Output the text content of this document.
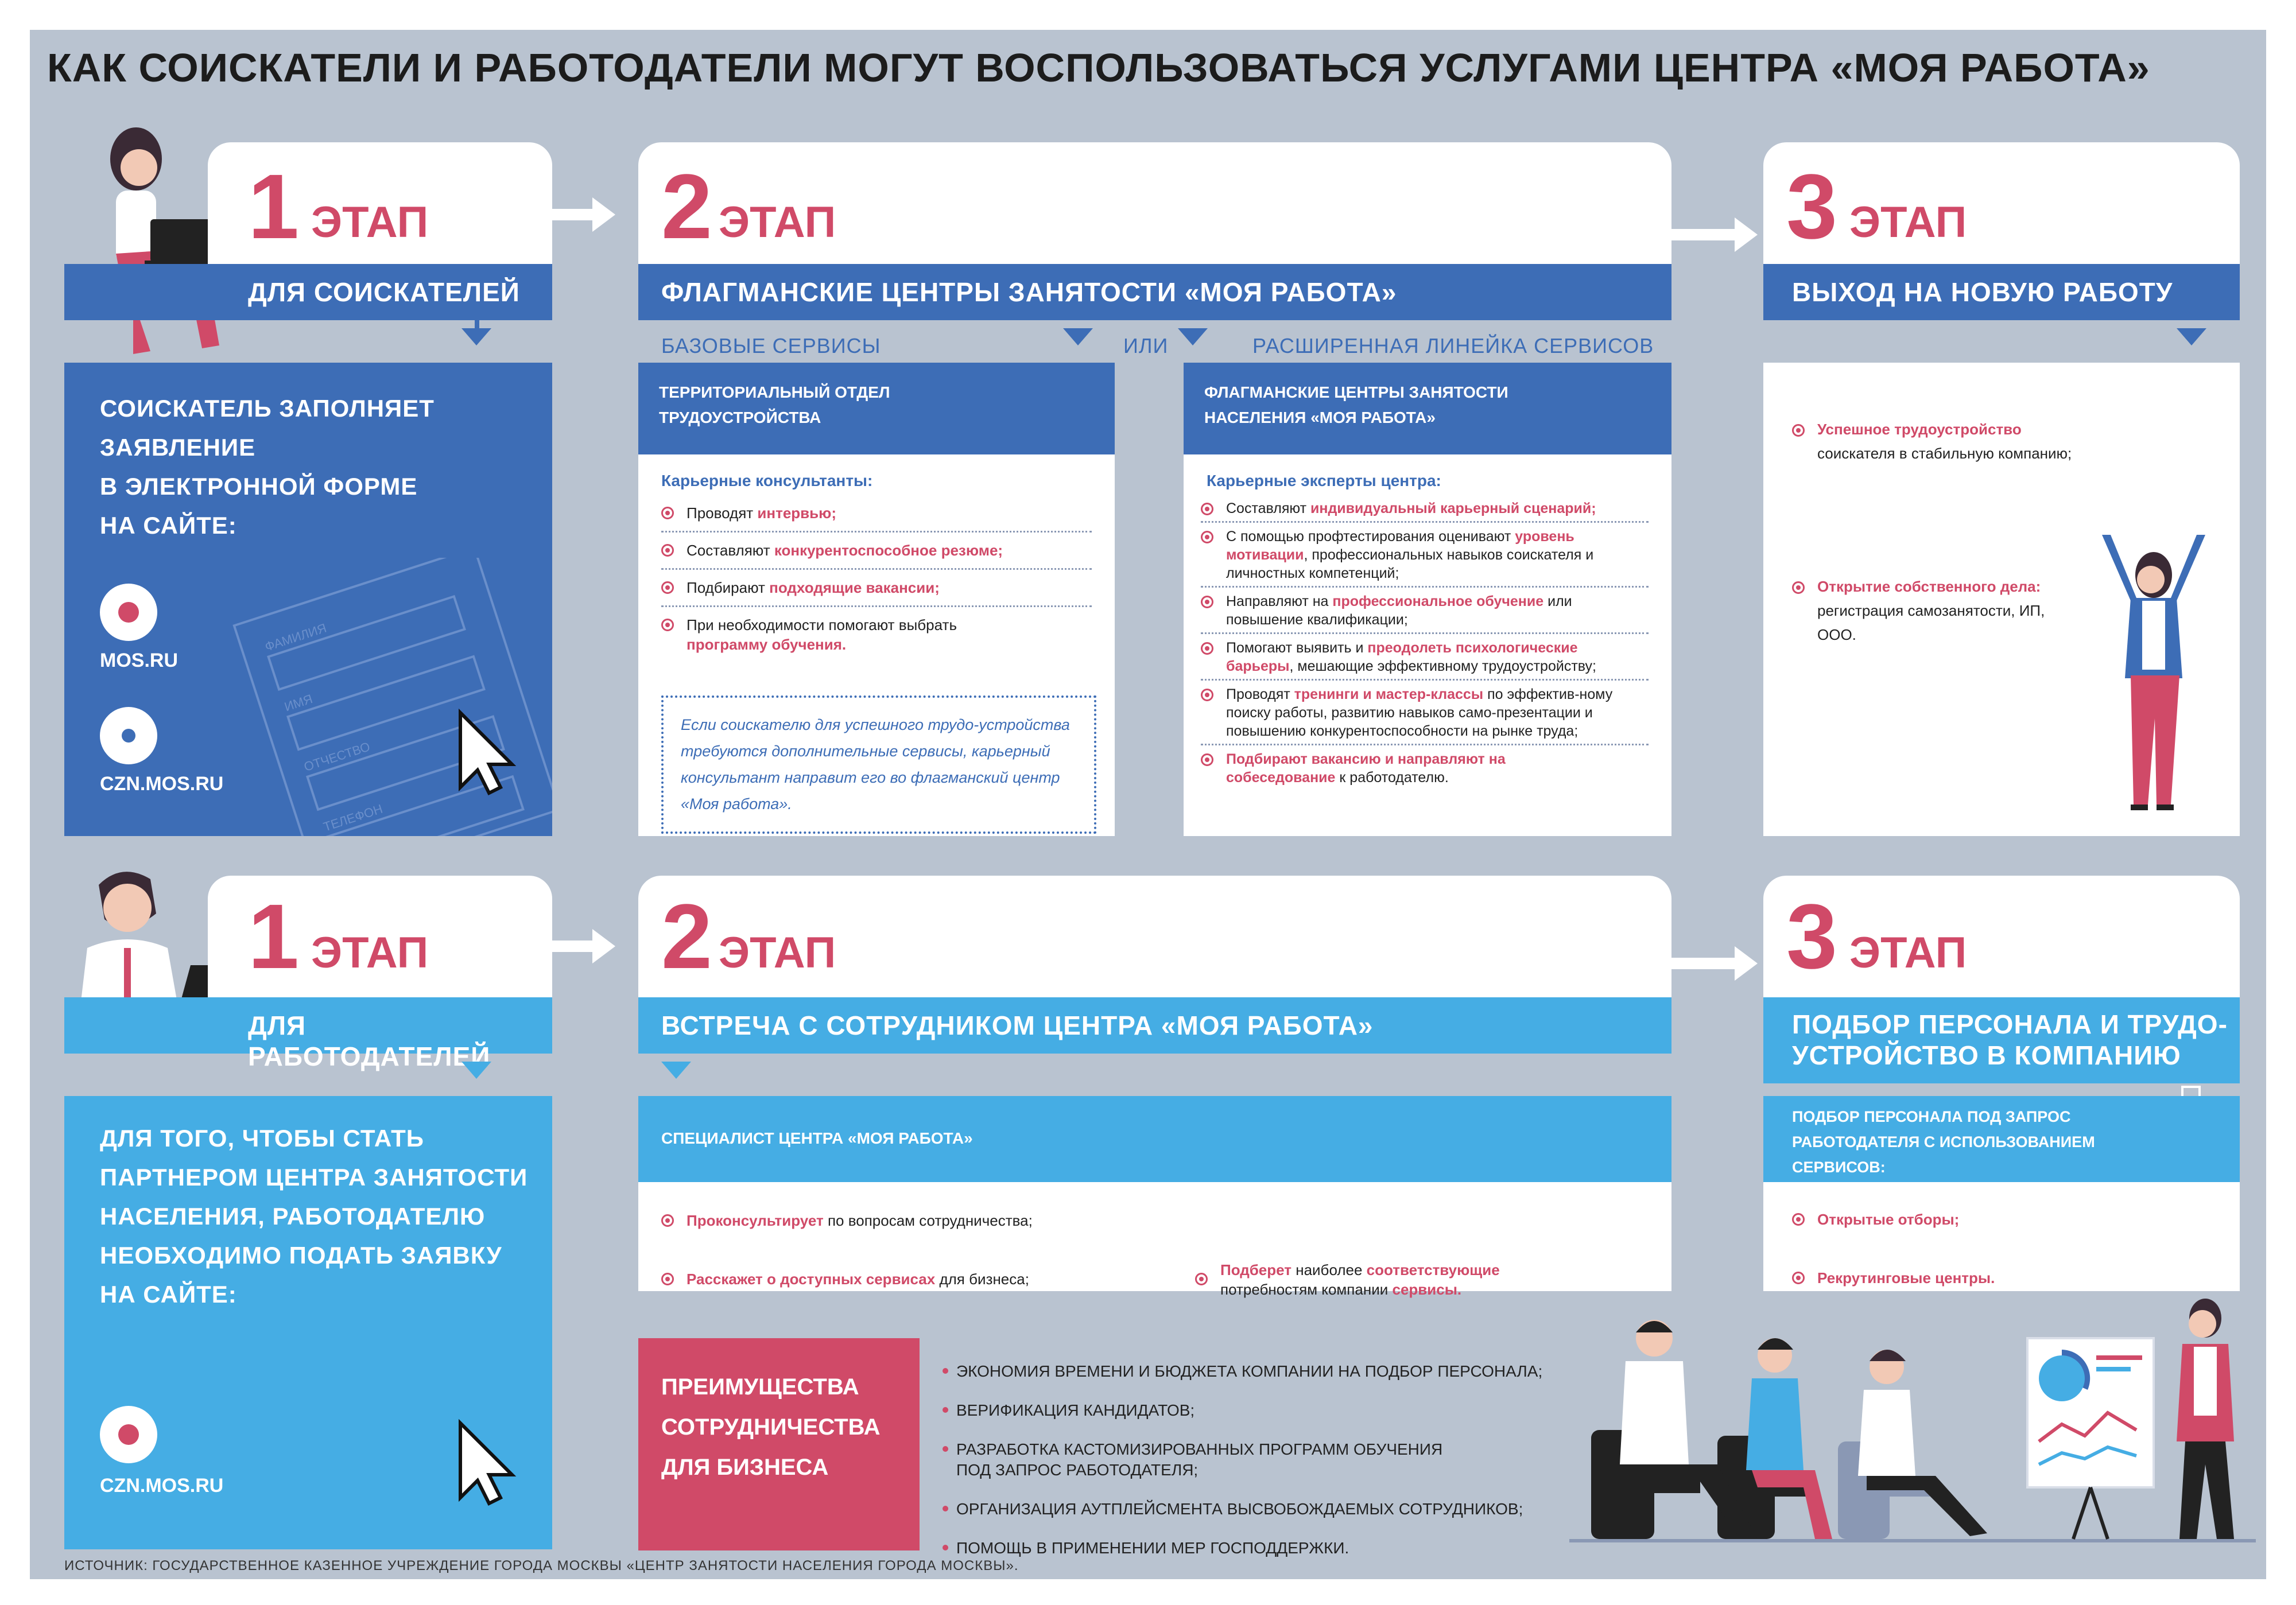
КАК СОИСКАТЕЛИ И РАБОТОДАТЕЛИ МОГУТ ВОСПОЛЬЗОВАТЬСЯ УСЛУГАМИ ЦЕНТРА «МОЯ РАБОТА»
1 ЭТАП
ДЛЯ СОИСКАТЕЛЕЙ
ФАМИЛИЯ
ИМЯ
ОТЧЕСТВО
ТЕЛЕФОН
СОИСКАТЕЛЬ ЗАПОЛНЯЕТ
ЗАЯВЛЕНИЕ
В ЭЛЕКТРОННОЙ ФОРМЕ
НА САЙТЕ:
MOS.RU
CZN.MOS.RU
2 ЭТАП
ФЛАГМАНСКИЕ ЦЕНТРЫ ЗАНЯТОСТИ «МОЯ РАБОТА»
БАЗОВЫЕ СЕРВИСЫ	ИЛИ	РАСШИРЕННАЯ ЛИНЕЙКА СЕРВИСОВ
ТЕРРИТОРИАЛЬНЫЙ ОТДЕЛ
ТРУДОУСТРОЙСТВА
Карьерные консультанты:
Проводят интервью;
Составляют конкурентоспособное резюме;
Подбирают подходящие вакансии;
При необходимости помогают выбрать программу обучения.
Если соискателю для успешного трудо-устройства требуются дополнительные сервисы, карьерный консультант направит его во флагманский центр «Моя работа».
ФЛАГМАНСКИЕ ЦЕНТРЫ ЗАНЯТОСТИ
НАСЕЛЕНИЯ «МОЯ РАБОТА»
Карьерные эксперты центра:
Составляют индивидуальный карьерный сценарий;
С помощью профтестирования оценивают уровень мотивации, профессиональных навыков соискателя и личностных компетенций;
Направляют на профессиональное обучение или повышение квалификации;
Помогают выявить и преодолеть психологические барьеры, мешающие эффективному трудоустройству;
Проводят тренинги и мастер-классы по эффектив-ному поиску работы, развитию навыков само-презентации и повышению конкурентоспособности на рынке труда;
Подбирают вакансию и направляют на собеседование к работодателю.
3 ЭТАП
ВЫХОД НА НОВУЮ РАБОТУ
Успешное трудоустройство
соискателя в стабильную компанию;
Открытие собственного дела:
регистрация самозанятости, ИП, ООО.
1 ЭТАП
ДЛЯ РАБОТОДАТЕЛЕЙ
ДЛЯ ТОГО, ЧТОБЫ СТАТЬ
ПАРТНЕРОМ ЦЕНТРА ЗАНЯТОСТИ
НАСЕЛЕНИЯ, РАБОТОДАТЕЛЮ
НЕОБХОДИМО ПОДАТЬ ЗАЯВКУ
НА САЙТЕ:
CZN.MOS.RU
2 ЭТАП
ВСТРЕЧА С СОТРУДНИКОМ ЦЕНТРА «МОЯ РАБОТА»
СПЕЦИАЛИСТ ЦЕНТРА «МОЯ РАБОТА»
Проконсультирует по вопросам сотрудничества;
Расскажет о доступных сервисах для бизнеса;
Подберет наиболее соответствующие потребностям компании сервисы.
3 ЭТАП
ПОДБОР ПЕРСОНАЛА И ТРУДО-
УСТРОЙСТВО В КОМПАНИЮ
ПОДБОР ПЕРСОНАЛА ПОД ЗАПРОС
РАБОТОДАТЕЛЯ С ИСПОЛЬЗОВАНИЕМ
СЕРВИСОВ:
Открытые отборы;
Рекрутинговые центры.
ПРЕИМУЩЕСТВА
СОТРУДНИЧЕСТВА
ДЛЯ БИЗНЕСА
ЭКОНОМИЯ ВРЕМЕНИ И БЮДЖЕТА КОМПАНИИ НА ПОДБОР ПЕРСОНАЛА;
ВЕРИФИКАЦИЯ КАНДИДАТОВ;
РАЗРАБОТКА КАСТОМИЗИРОВАННЫХ ПРОГРАММ ОБУЧЕНИЯ
ПОД ЗАПРОС РАБОТОДАТЕЛЯ;
ОРГАНИЗАЦИЯ АУТПЛЕЙСМЕНТА ВЫСВОБОЖДАЕМЫХ СОТРУДНИКОВ;
ПОМОЩЬ В ПРИМЕНЕНИИ МЕР ГОСПОДДЕРЖКИ.
ИСТОЧНИК: ГОСУДАРСТВЕННОЕ КАЗЕННОЕ УЧРЕЖДЕНИЕ ГОРОДА МОСКВЫ «ЦЕНТР ЗАНЯТОСТИ НАСЕЛЕНИЯ ГОРОДА МОСКВЫ».
